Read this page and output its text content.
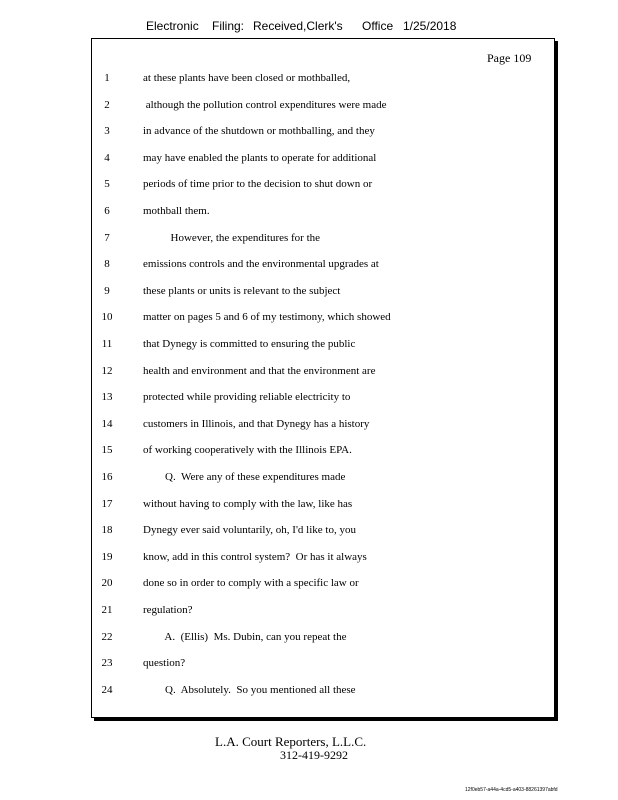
Electronic Filing: Received,Clerk's Office 1/25/2018
Page 109
1	at these plants have been closed or mothballed,
2	although the pollution control expenditures were made
3	in advance of the shutdown or mothballing, and they
4	may have enabled the plants to operate for additional
5	periods of time prior to the decision to shut down or
6	mothball them.
7	However, the expenditures for the
8	emissions controls and the environmental upgrades at
9	these plants or units is relevant to the subject
10	matter on pages 5 and 6 of my testimony, which showed
11	that Dynegy is committed to ensuring the public
12	health and environment and that the environment are
13	protected while providing reliable electricity to
14	customers in Illinois, and that Dynegy has a history
15	of working cooperatively with the Illinois EPA.
16	Q.  Were any of these expenditures made
17	without having to comply with the law, like has
18	Dynegy ever said voluntarily, oh, I'd like to, you
19	know, add in this control system?  Or has it always
20	done so in order to comply with a specific law or
21	regulation?
22	A.  (Ellis)  Ms. Dubin, can you repeat the
23	question?
24	Q.  Absolutely.  So you mentioned all these
L.A. Court Reporters, L.L.C.
312-419-9292
12f0eb57-a44a-4cd5-a403-88261397abfd
